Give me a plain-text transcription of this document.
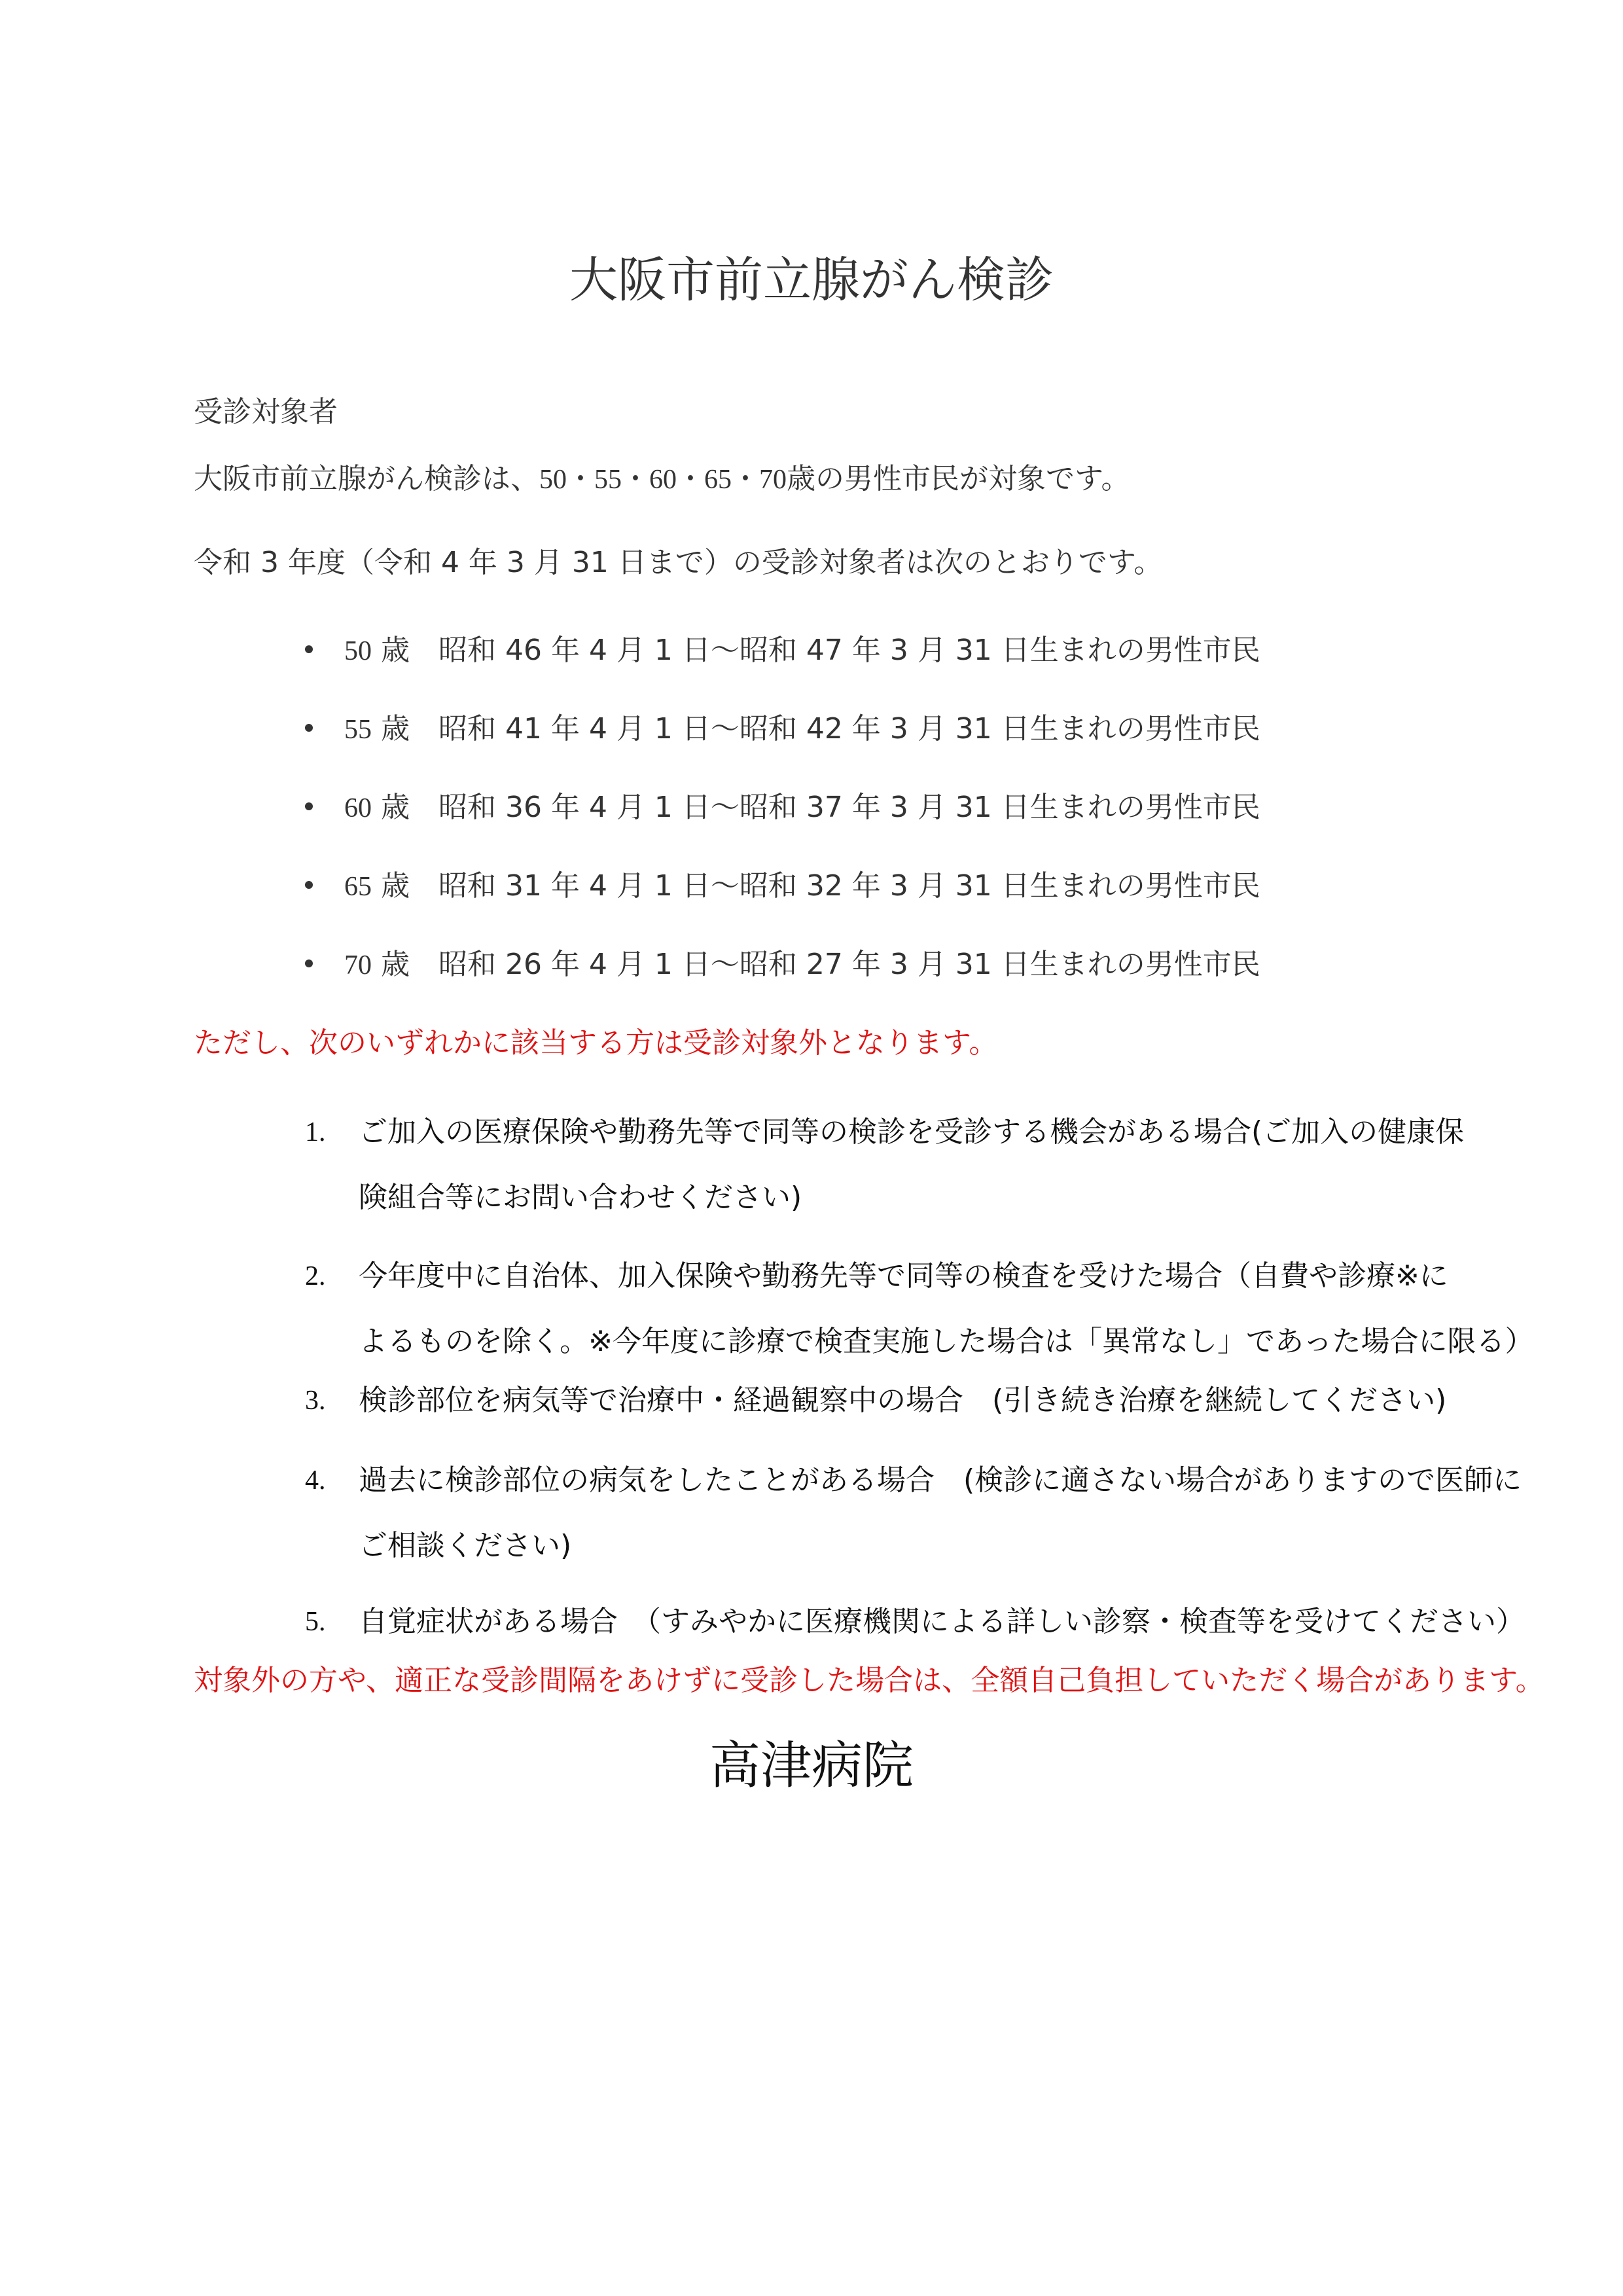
大阪市前立腺がん検診
受診対象者
大阪市前立腺がん検診は、50・55・60・65・70歳の男性市民が対象です。
令和 3 年度（令和 4 年 3 月 31 日まで）の受診対象者は次のとおりです。
50 歳　昭和 46 年 4 月 1 日～昭和 47 年 3 月 31 日生まれの男性市民
55 歳　昭和 41 年 4 月 1 日～昭和 42 年 3 月 31 日生まれの男性市民
60 歳　昭和 36 年 4 月 1 日～昭和 37 年 3 月 31 日生まれの男性市民
65 歳　昭和 31 年 4 月 1 日～昭和 32 年 3 月 31 日生まれの男性市民
70 歳　昭和 26 年 4 月 1 日～昭和 27 年 3 月 31 日生まれの男性市民
ただし、次のいずれかに該当する方は受診対象外となります。
1. ご加入の医療保険や勤務先等で同等の検診を受診する機会がある場合(ご加入の健康保
険組合等にお問い合わせください)
2. 今年度中に自治体、加入保険や勤務先等で同等の検査を受けた場合（自費や診療※に
よるものを除く。※今年度に診療で検査実施した場合は「異常なし」であった場合に限る）
3. 検診部位を病気等で治療中・経過観察中の場合　(引き続き治療を継続してください)
4. 過去に検診部位の病気をしたことがある場合　(検診に適さない場合がありますので医師に
ご相談ください)
5. 自覚症状がある場合　（すみやかに医療機関による詳しい診察・検査等を受けてください）
対象外の方や、適正な受診間隔をあけずに受診した場合は、全額自己負担していただく場合があります。
高津病院
